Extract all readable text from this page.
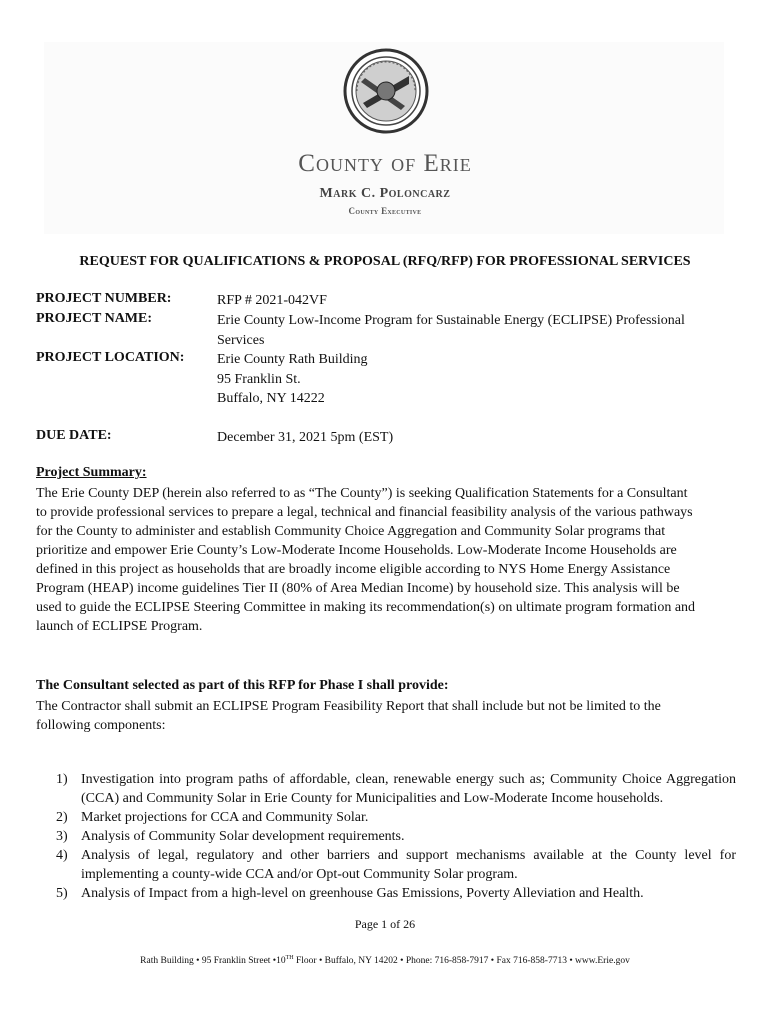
County of Erie
Mark C. Poloncarz
County Executive
REQUEST FOR QUALIFICATIONS & PROPOSAL (RFQ/RFP) FOR PROFESSIONAL SERVICES
PROJECT NUMBER:	RFP # 2021-042VF
PROJECT NAME:	Erie County Low-Income Program for Sustainable Energy (ECLIPSE) Professional
Services
PROJECT LOCATION: Erie County Rath Building
95 Franklin St.
Buffalo, NY 14222
DUE DATE:	December 31, 2021 5pm (EST)
Project Summary:
The Erie County DEP (herein also referred to as “The County”) is seeking Qualification Statements for a Consultant
to provide professional services to prepare a legal, technical and financial feasibility analysis of the various pathways
for the County to administer and establish Community Choice Aggregation and Community Solar programs that
prioritize and empower Erie County’s Low-Moderate Income Households. Low-Moderate Income Households are
defined in this project as households that are broadly income eligible according to NYS Home Energy Assistance
Program (HEAP) income guidelines Tier II (80% of Area Median Income) by household size. This analysis will be
used to guide the ECLIPSE Steering Committee in making its recommendation(s) on ultimate program formation and
launch of ECLIPSE Program.
The Consultant selected as part of this RFP for Phase I shall provide:
The Contractor shall submit an ECLIPSE Program Feasibility Report that shall include but not be limited to the
following components:
1) Investigation into program paths of affordable, clean, renewable energy such as; Community Choice Aggregation (CCA) and Community Solar in Erie County for Municipalities and Low-Moderate Income households.
2) Market projections for CCA and Community Solar.
3) Analysis of Community Solar development requirements.
4) Analysis of legal, regulatory and other barriers and support mechanisms available at the County level for implementing a county-wide CCA and/or Opt-out Community Solar program.
5) Analysis of Impact from a high-level on greenhouse Gas Emissions, Poverty Alleviation and Health.
Page 1 of 26
Rath Building • 95 Franklin Street •10TH Floor • Buffalo, NY 14202 • Phone: 716-858-7917 • Fax 716-858-7713 • www.Erie.gov
